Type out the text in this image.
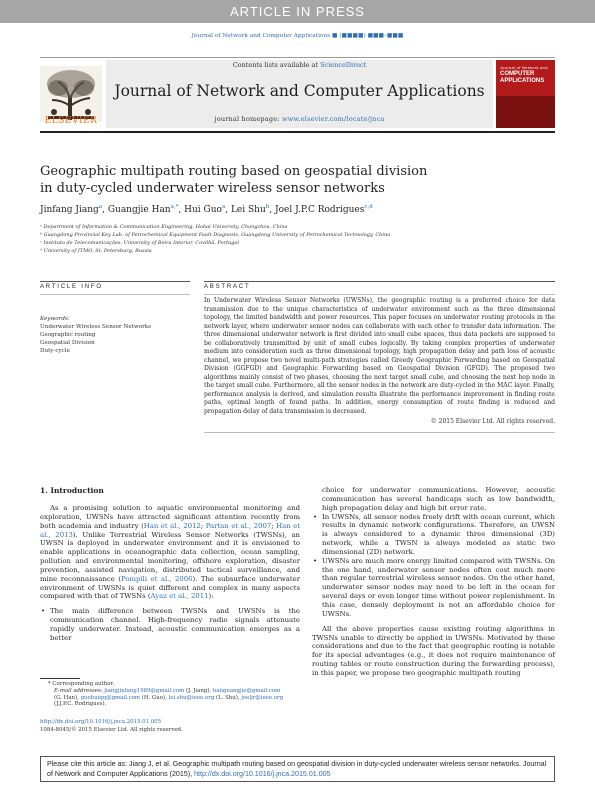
ARTICLE IN PRESS
Journal of Network and Computer Applications ■ (■■■■) ■■■–■■■
ELSEVIER
Contents lists available at ScienceDirect
Journal of Network and Computer Applications
journal homepage: www.elsevier.com/locate/jnca
Journal of Network and
COMPUTER
APPLICATIONS
Geographic multipath routing based on geospatial division
in duty-cycled underwater wireless sensor networks
Jinfang Jiang$^a$, Guangjie Han$^{a,*}$, Hui Guo$^a$, Lei Shu$^b$, Joel J.P.C Rodrigues$^{c,d}$
ᵃ Department of Information & Communication Engineering, Hohai University, Changzhou, China
ᵇ Guangdong Provincial Key Lab. of Petrochemical Equipment Fault Diagnosis, Guangdong University of Petrochemical Technology, China
ᶜ Instituto de Telecomunicações, University of Beira Interior, Covilhã, Portugal
ᵈ University of ITMO, St. Petersburg, Russia
ARTICLE INFO	ABSTRACT
Keywords:
Underwater Wireless Sensor Networks
Geographic routing
Geospatial Division
Duty-cycle
In Underwater Wireless Sensor Networks (UWSNs), the geographic routing is a preferred choice for data transmission due to the unique characteristics of underwater environment such as the three dimensional topology, the limited bandwidth and power resources. This paper focuses on underwater routing protocols in the network layer, where underwater sensor nodes can collaborate with each other to transfer data information. The three dimensional underwater network is first divided into small cube spaces, thus data packets are supposed to be collaboratively transmitted by unit of small cubes logically. By taking complex properties of underwater medium into consideration such as three dimensional topology, high propagation delay and path loss of acoustic channel, we propose two novel multi-path strategies called Greedy Geographic Forwarding based on Geospatial Division (GGFGD) and Geographic Forwarding based on Geospatial Division (GFGD). The proposed two algorithms mainly consist of two phases, choosing the next target small cube, and choosing the next hop node in the target small cube. Furthermore, all the sensor nodes in the network are duty-cycled in the MAC layer. Finally, performance analysis is derived, and simulation results illustrate the performance improvement in finding route paths, optimal length of found paths. In addition, energy consumption of route finding is reduced and propagation delay of data transmission is decreased.
© 2015 Elsevier Ltd. All rights reserved.
1. Introduction

As a promising solution to aquatic environmental monitoring and exploration, UWSNs have attracted significant attention recently from both academia and industry (Han et al., 2012; Partan et al., 2007; Han et al., 2013). Unlike Terrestrial Wireless Sensor Networks (TWSNs), an UWSN is deployed in underwater environment and it is envisioned to enable applications in oceanographic data collection, ocean sampling, pollution and environmental monitoring, offshore exploration, disaster prevention, assisted navigation, distributed tactical surveillance, and mine reconnaissance (Pompili et al., 2006). The subsurface underwater environment of UWSNs is quiet different and complex in many aspects compared with that of TWSNs (Ayaz et al., 2011):

• The main difference between TWSNs and UWSNs is the communication channel. High-frequency radio signals attenuate rapidly underwater. Instead, acoustic communication emerges as a better

choice for underwater communications. However, acoustic communication has several handicaps such as low bandwidth, high propagation delay and high bit error rate.

• In UWSNs, all sensor nodes freely drift with ocean current, which results in dynamic network configurations. Therefore, an UWSN is always considered to a dynamic three dimensional (3D) network, while a TWSN is always modeled as static two dimensional (2D) network.

• UWSNs are much more energy limited compared with TWSNs. On the one hand, underwater sensor nodes often cost much more than regular terrestrial wireless sensor nodes. On the other hand, underwater sensor nodes may need to be left in the ocean for several days or even longer time without power replenishment. In this case, densely deployment is not an affordable choice for UWSNs.

All the above properties cause existing routing algorithms in TWSNs unable to directly be applied in UWSNs. Motivated by these considerations and due to the fact that geographic routing is notable for its special advantages (e.g., it does not require maintenance of routing tables or route construction during the forwarding process), in this paper, we propose two geographic multipath routing

* Corresponding author.
E-mail addresses: jiangjinfang1989@gmail.com (J. Jiang), hanguangjie@gmail.com (G. Han), guohuiqq@gmail.com (H. Guo), lei.shu@ieee.org (L. Shu), joeljr@ieee.org (J.J.P.C. Rodrigues).
http://dx.doi.org/10.1016/j.jnca.2015.01.005
1084-8045/© 2015 Elsevier Ltd. All rights reserved.
Please cite this article as: Jiang J, et al. Geographic multipath routing based on geospatial division in duty-cycled underwater wireless sensor networks. Journal of Network and Computer Applications (2015), http://dx.doi.org/10.1016/j.jnca.2015.01.005
